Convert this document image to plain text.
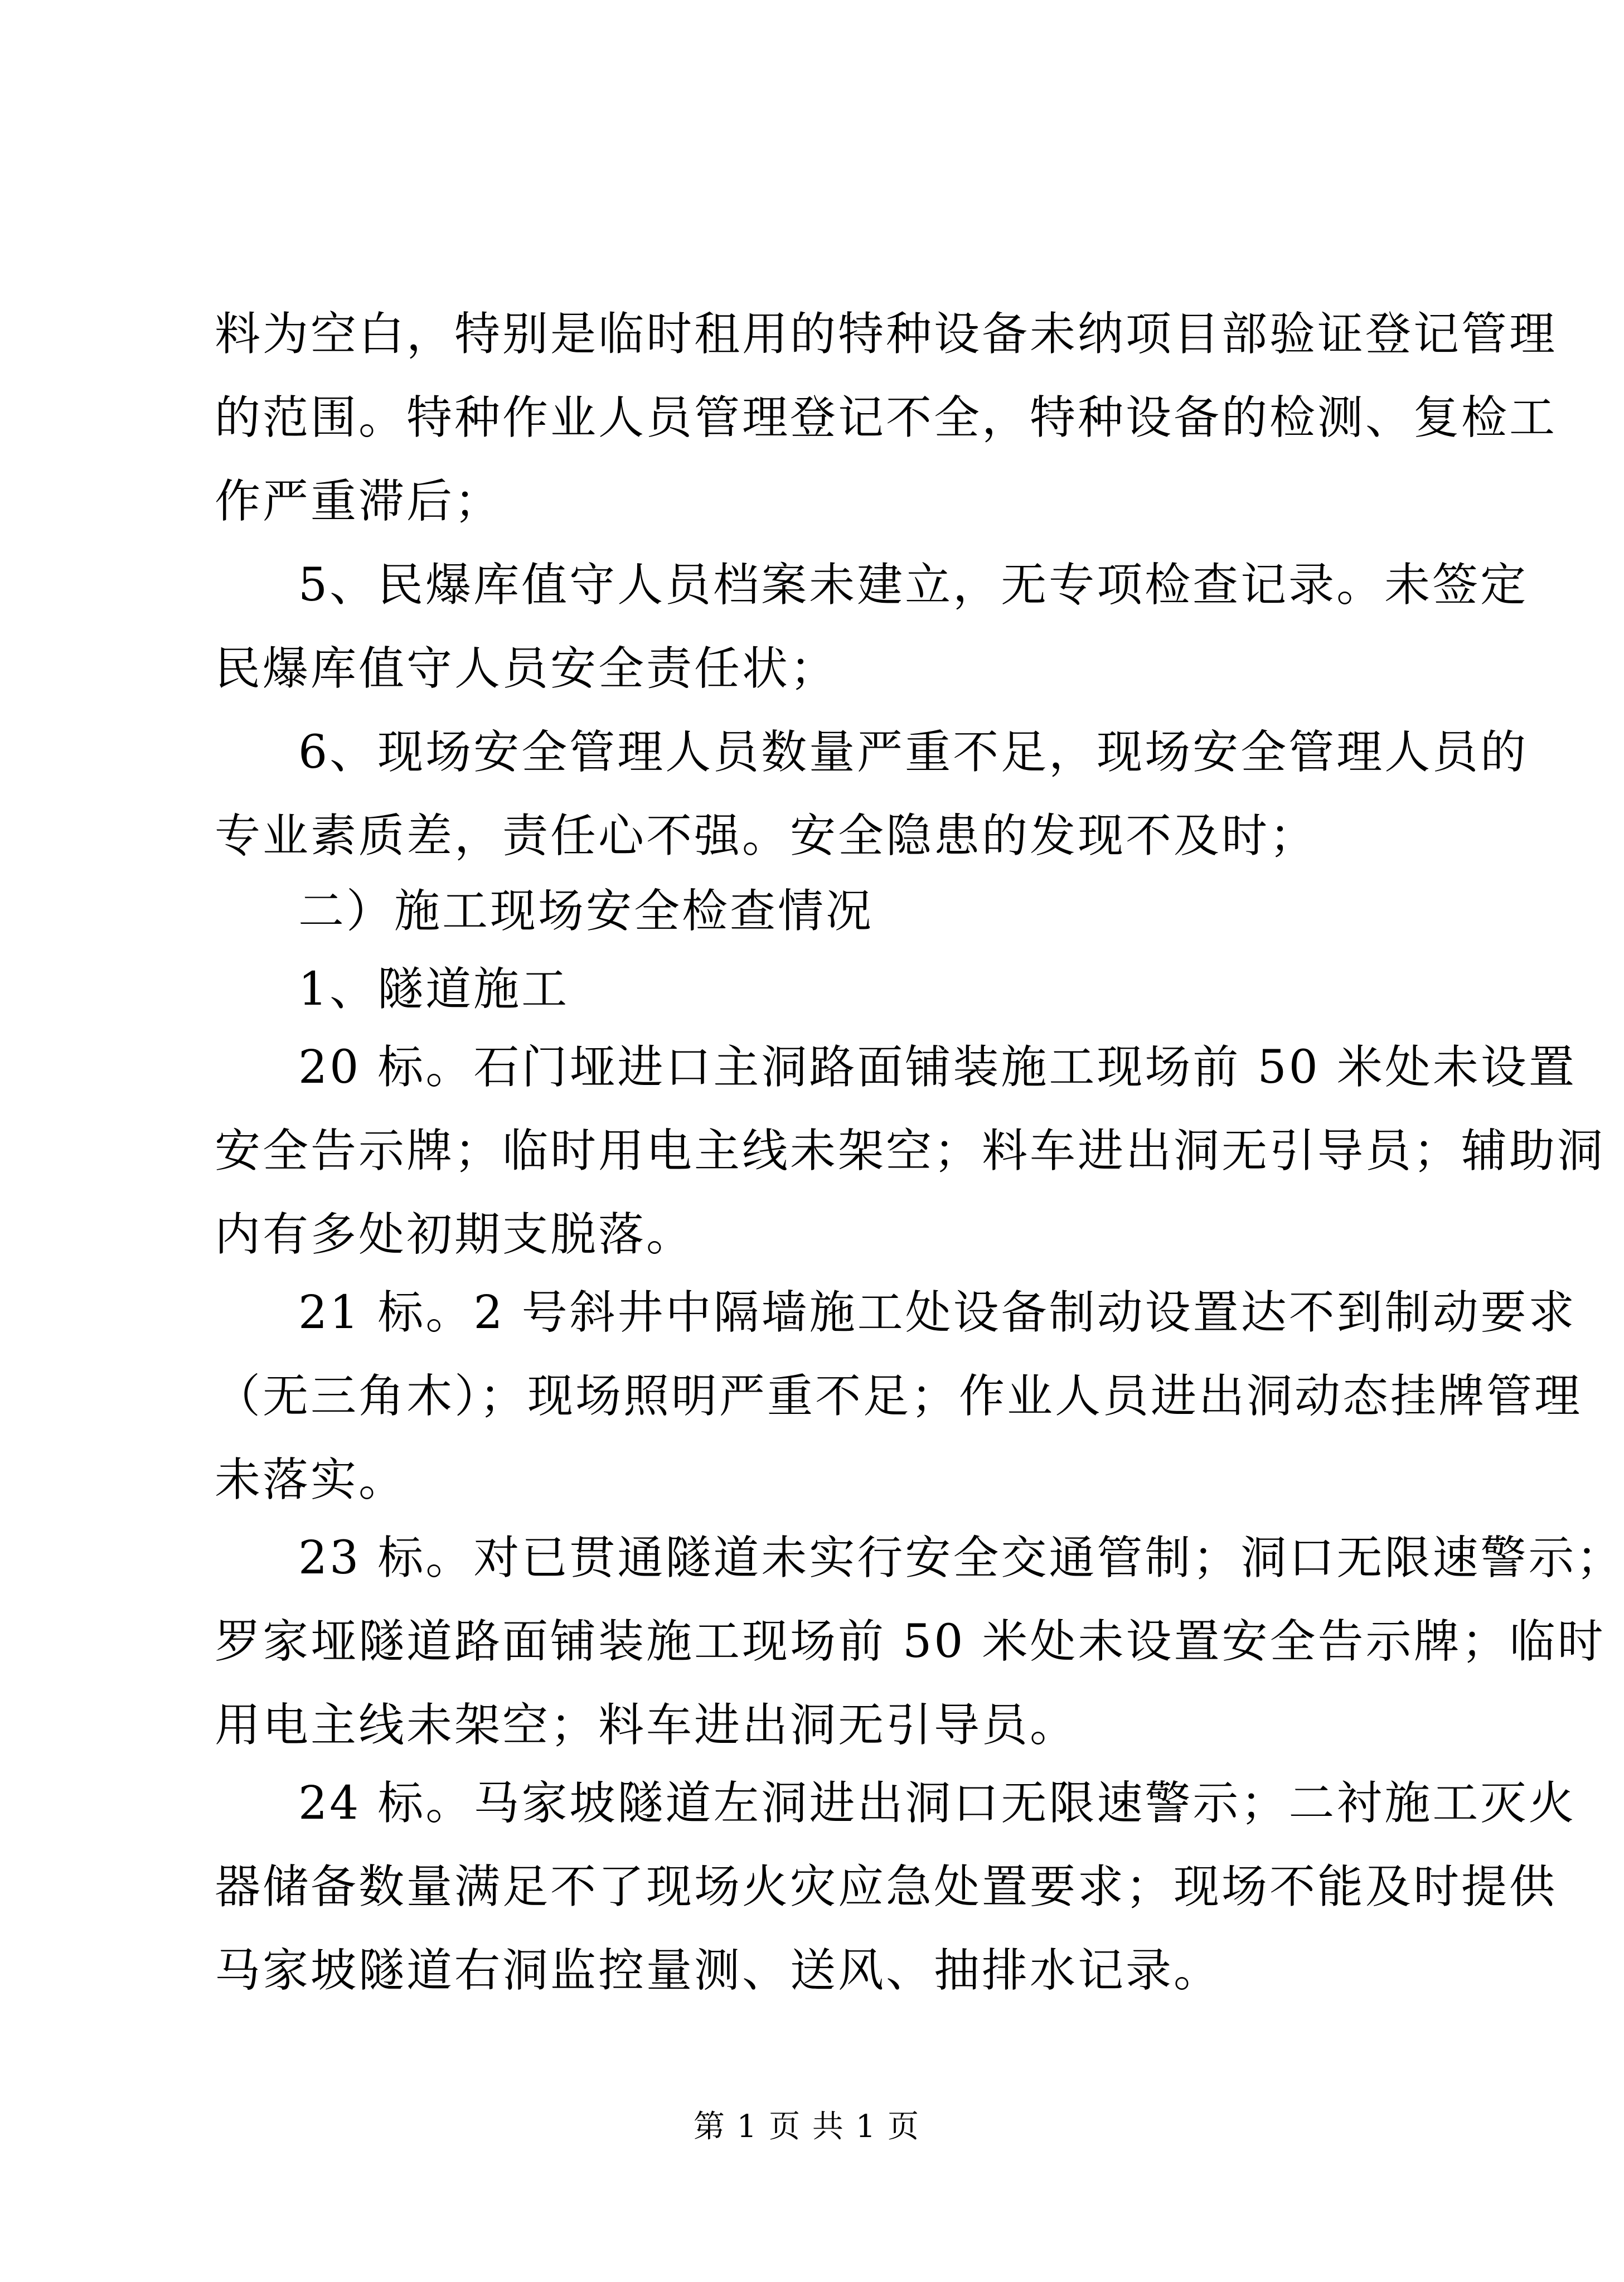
料为空白，特别是临时租用的特种设备未纳项目部验证登记管理
的范围。特种作业人员管理登记不全，特种设备的检测、复检工
作严重滞后；
5、民爆库值守人员档案未建立，无专项检查记录。未签定
民爆库值守人员安全责任状；
6、现场安全管理人员数量严重不足，现场安全管理人员的
专业素质差，责任心不强。安全隐患的发现不及时；
二）施工现场安全检查情况
1、隧道施工
20 标。石门垭进口主洞路面铺装施工现场前 50 米处未设置
安全告示牌；临时用电主线未架空；料车进出洞无引导员；辅助洞
内有多处初期支脱落。
21 标。2 号斜井中隔墙施工处设备制动设置达不到制动要求
（无三角木）；现场照明严重不足；作业人员进出洞动态挂牌管理
未落实。
23 标。对已贯通隧道未实行安全交通管制；洞口无限速警示；
罗家垭隧道路面铺装施工现场前 50 米处未设置安全告示牌；临时
用电主线未架空；料车进出洞无引导员。
24 标。马家坡隧道左洞进出洞口无限速警示；二衬施工灭火
器储备数量满足不了现场火灾应急处置要求；现场不能及时提供
马家坡隧道右洞监控量测、送风、抽排水记录。
第 1 页 共 1 页
